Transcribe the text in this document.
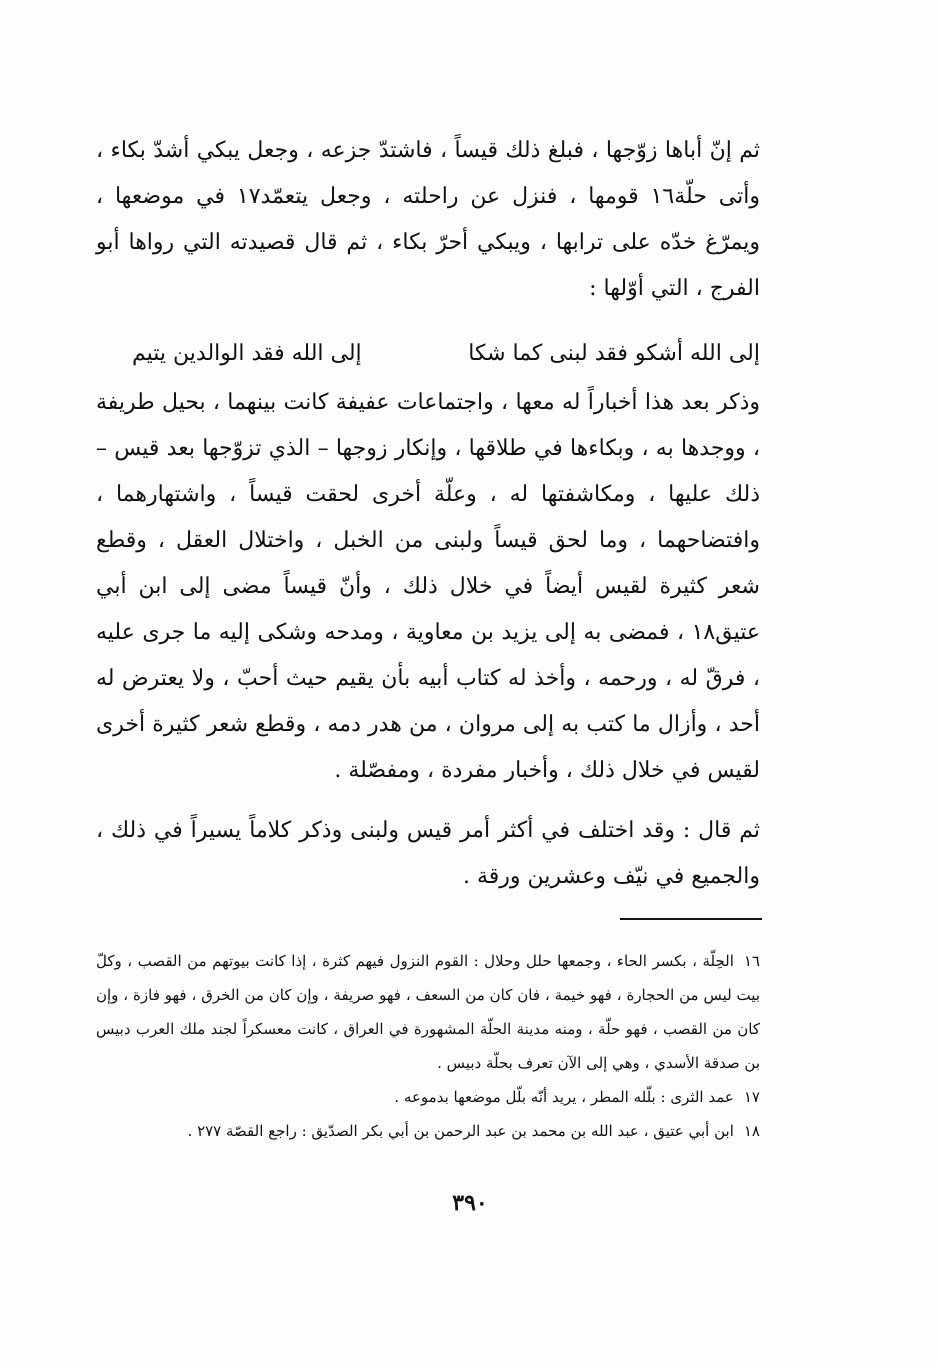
ثم إنّ أباها زوّجها ، فبلغ ذلك قيساً ، فاشتدّ جزعه ، وجعل يبكي أشدّ بكاء ، وأتى حلّة١٦ قومها ، فنزل عن راحلته ، وجعل يتعمّد١٧ في موضعها ، ويمرّغ خدّه على ترابها ، ويبكي أحرّ بكاء ، ثم قال قصيدته التي رواها أبو الفرج ، التي أوّلها :

إلى الله أشكو فقد لبنى كما شكا
إلى الله فقد الوالدين يتيم

وذكر بعد هذا أخباراً له معها ، واجتماعات عفيفة كانت بينهما ، بحيل طريفة ، ووجدها به ، وبكاءها في طلاقها ، وإنكار زوجها – الذي تزوّجها بعد قيس – ذلك عليها ، ومكاشفتها له ، وعلّة أخرى لحقت قيساً ، واشتهارهما ، وافتضاحهما ، وما لحق قيساً ولبنى من الخبل ، واختلال العقل ، وقطع شعر كثيرة لقيس أيضاً في خلال ذلك ، وأنّ قيساً مضى إلى ابن أبي عتيق١٨ ، فمضى به إلى يزيد بن معاوية ، ومدحه وشكى إليه ما جرى عليه ، فرقّ له ، ورحمه ، وأخذ له كتاب أبيه بأن يقيم حيث أحبّ ، ولا يعترض له أحد ، وأزال ما كتب به إلى مروان ، من هدر دمه ، وقطع شعر كثيرة أخرى لقيس في خلال ذلك ، وأخبار مفردة ، ومفصّلة .

ثم قال : وقد اختلف في أكثر أمر قيس ولبنى وذكر كلاماً يسيراً في ذلك ، والجميع في نيّف وعشرين ورقة .

١٦الحِلّة ، بكسر الحاء ، وجمعها حلل وحلال : القوم النزول فيهم كثرة ، إذا كانت بيوتهم من القصب ، وكلّ بيت ليس من الحجارة ، فهو خيمة ، فان كان من السعف ، فهو صريفة ، وإن كان من الخرق ، فهو فازة ، وإن كان من القصب ، فهو حلّة ، ومنه مدينة الحلّة المشهورة في العراق ، كانت معسكراً لجند ملك العرب دبيس بن صدقة الأسدي ، وهي إلى الآن تعرف بحلّة دبيس .

١٧عمد الثرى : بلّله المطر ، يريد أنّه بلّل موضعها بدموعه .

١٨ابن أبي عتيق ، عبد الله بن محمد بن عبد الرحمن بن أبي بكر الصدّيق : راجع القصّة ٢٧٧ .

٣٩٠
